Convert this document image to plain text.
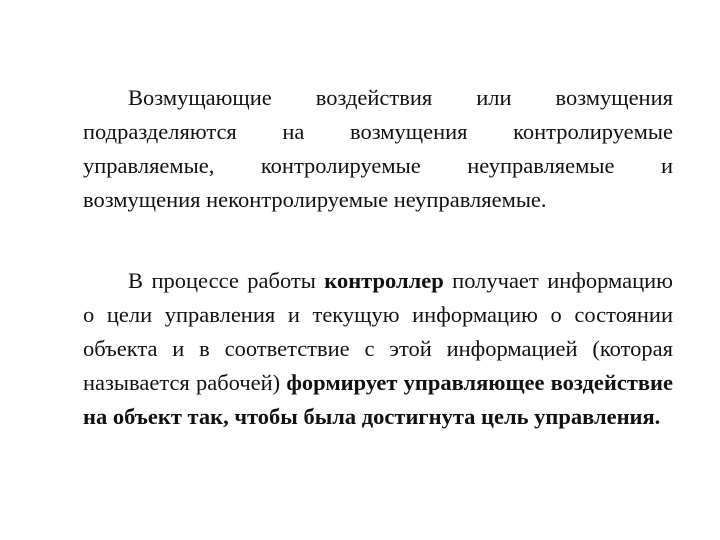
Возмущающие воздействия или возмущения подразделяются на возмущения контролируемые управляемые, контролируемые неуправляемые и возмущения неконтролируемые неуправляемые.

В процессе работы контроллер получает информацию о цели управления и текущую информацию о состоянии объекта и в соответствие с этой информацией (которая называется рабочей) формирует управляющее воздействие на объект так, чтобы была достигнута цель управления.
